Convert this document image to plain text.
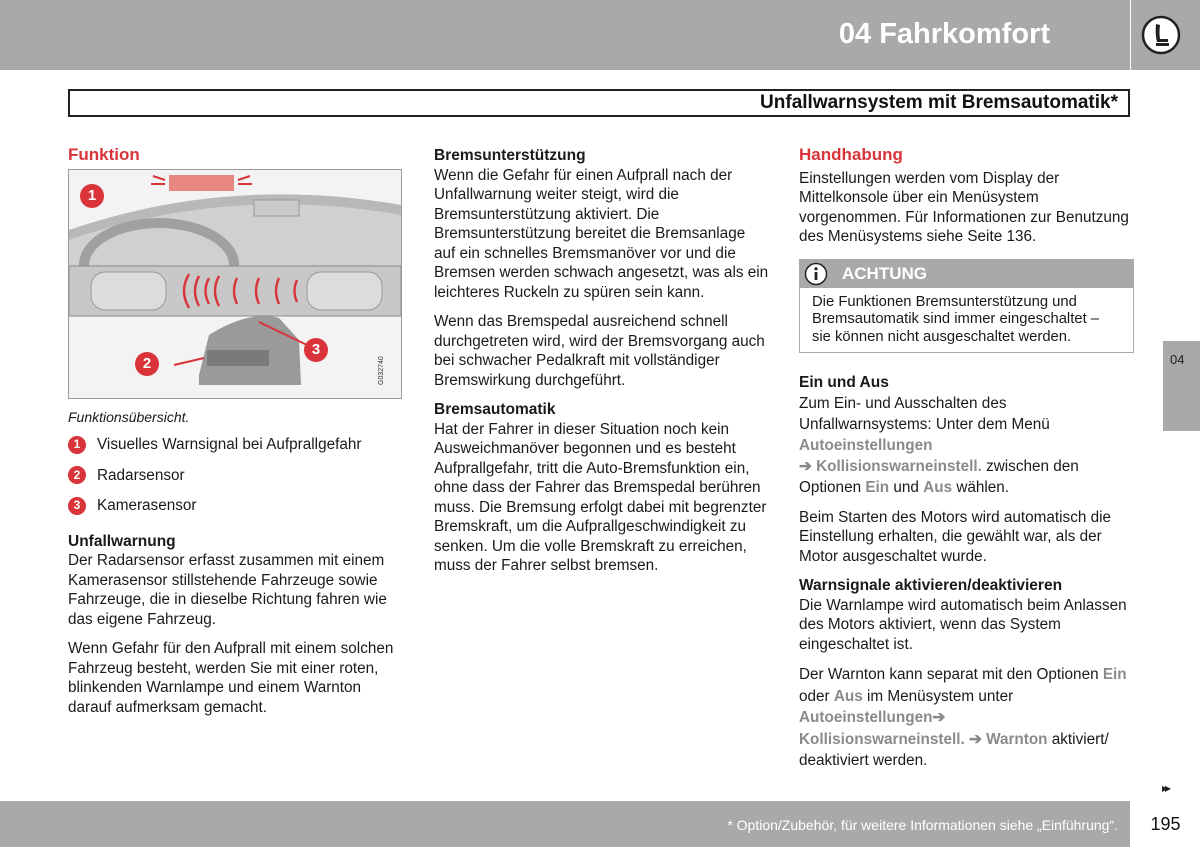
04 Fahrkomfort
Unfallwarnsystem mit Bremsautomatik*
Funktion
G032740
1
2
3
Funktionsübersicht.
1	Visuelles Warnsignal bei Aufprallgefahr
2	Radarsensor
3	Kamerasensor
Unfallwarnung

Der Radarsensor erfasst zusammen mit einem Kamerasensor stillstehende Fahrzeuge sowie Fahrzeuge, die in dieselbe Richtung fahren wie das eigene Fahrzeug.

Wenn Gefahr für den Aufprall mit einem solchen Fahrzeug besteht, werden Sie mit einer roten, blinkenden Warnlampe und einem Warnton darauf aufmerksam gemacht.

Bremsunterstützung

Wenn die Gefahr für einen Aufprall nach der Unfallwarnung weiter steigt, wird die Bremsunterstützung aktiviert. Die Bremsunterstützung bereitet die Bremsanlage auf ein schnelles Bremsmanöver vor und die Bremsen werden schwach angesetzt, was als ein leichteres Ruckeln zu spüren sein kann.

Wenn das Bremspedal ausreichend schnell durchgetreten wird, wird der Bremsvorgang auch bei schwacher Pedalkraft mit vollständiger Bremswirkung durchgeführt.

Bremsautomatik

Hat der Fahrer in dieser Situation noch kein Ausweichmanöver begonnen und es besteht Aufprallgefahr, tritt die Auto-Bremsfunktion ein, ohne dass der Fahrer das Bremspedal berühren muss. Die Bremsung erfolgt dabei mit begrenzter Bremskraft, um die Aufprallgeschwindigkeit zu senken. Um die volle Bremskraft zu erreichen, muss der Fahrer selbst bremsen.

Handhabung

Einstellungen werden vom Display der Mittelkonsole über ein Menüsystem vorgenommen. Für Informationen zur Benutzung des Menüsystems siehe Seite 136.

ACHTUNG
Die Funktionen Bremsunterstützung und Bremsautomatik sind immer eingeschaltet – sie können nicht ausgeschaltet werden.
Ein und Aus

Zum Ein- und Ausschalten des Unfallwarnsystems: Unter dem Menü Autoeinstellungen
➔ Kollisionswarneinstell. zwischen den Optionen Ein und Aus wählen.

Beim Starten des Motors wird automatisch die Einstellung erhalten, die gewählt war, als der Motor ausgeschaltet wurde.

Warnsignale aktivieren/deaktivieren

Die Warnlampe wird automatisch beim Anlassen des Motors aktiviert, wenn das System eingeschaltet ist.

Der Warnton kann separat mit den Optionen Ein oder Aus im Menüsystem unter
Autoeinstellungen➔
Kollisionswarneinstell. ➔ Warnton aktiviert/ deaktiviert werden.

04
▸▸
* Option/Zubehör, für weitere Informationen siehe „Einführung“.	195
